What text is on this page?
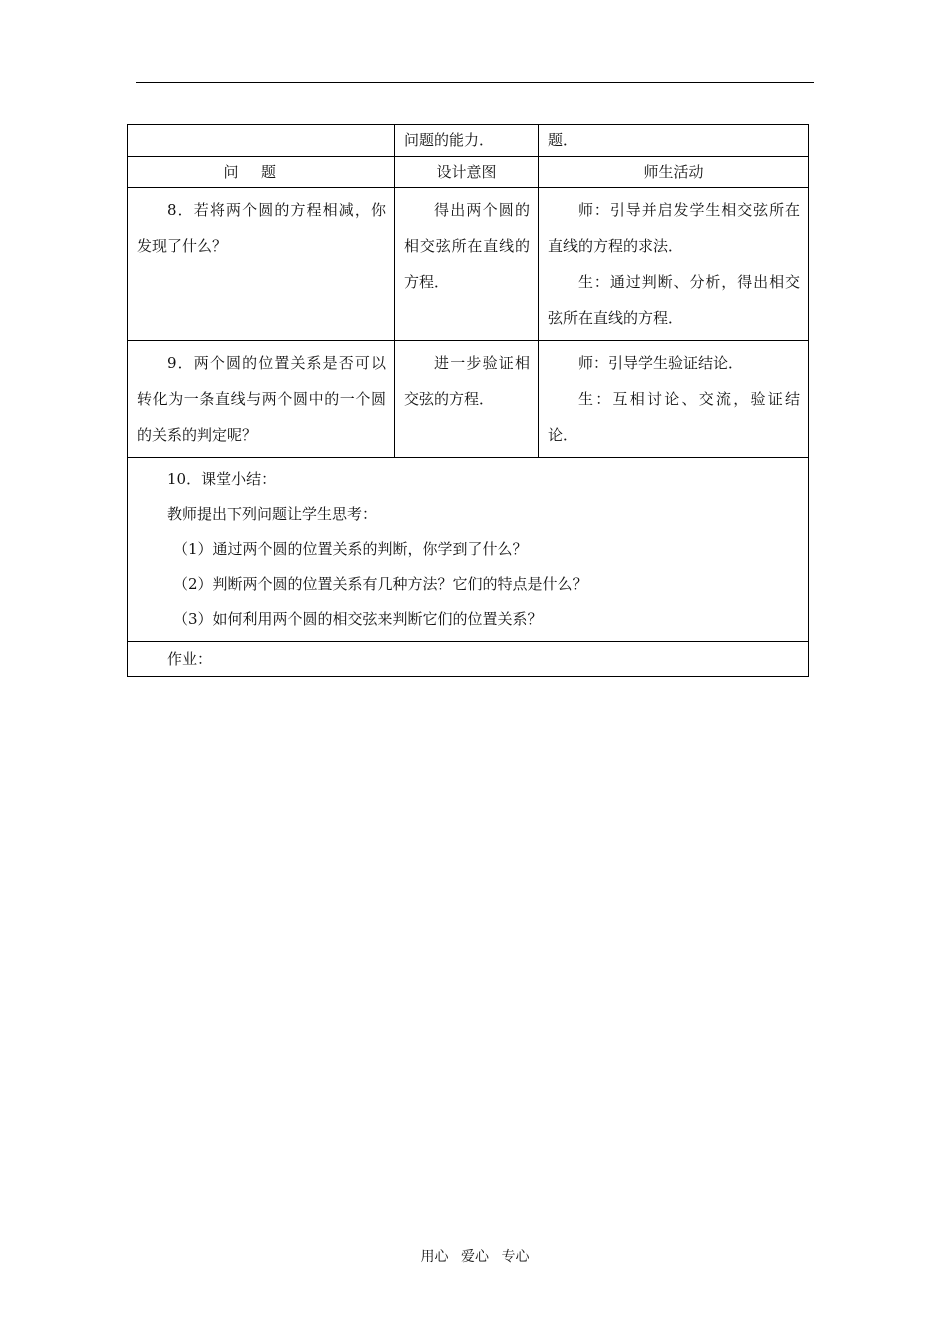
	问题的能力．	题．

问题	设计意图	师生活动

8．若将两个圆的方程相减，你发现了什么？	得出两个圆的相交弦所在直线的方程．	师：引导并启发学生相交弦所在直线的方程的求法．

生：通过判断、分析，得出相交弦所在直线的方程．

9．两个圆的位置关系是否可以转化为一条直线与两个圆中的一个圆的关系的判定呢？	进一步验证相交弦的方程．	师：引导学生验证结论．

生：互相讨论、交流，验证结论．

10．课堂小结：

教师提出下列问题让学生思考：

（1）通过两个圆的位置关系的判断，你学到了什么？

（2）判断两个圆的位置关系有几种方法？它们的特点是什么？

（3）如何利用两个圆的相交弦来判断它们的位置关系？		

作业：		

用心 爱心 专心
